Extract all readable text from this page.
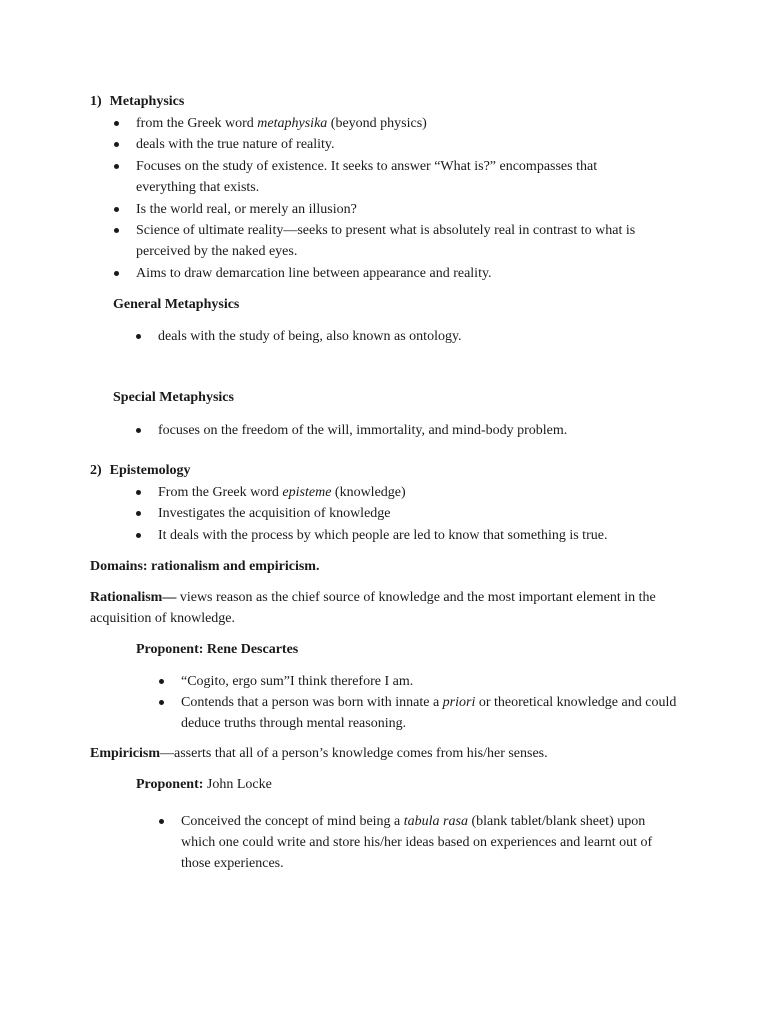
1) Metaphysics
from the Greek word metaphysika (beyond physics)
deals with the true nature of reality.
Focuses on the study of existence. It seeks to answer “What is?” encompasses that everything that exists.
Is the world real, or merely an illusion?
Science of ultimate reality—seeks to present what is absolutely real in contrast to what is perceived by the naked eyes.
Aims to draw demarcation line between appearance and reality.
General Metaphysics
deals with the study of being, also known as ontology.
Special Metaphysics
focuses on the freedom of the will, immortality, and mind-body problem.
2) Epistemology
From the Greek word episteme (knowledge)
Investigates the acquisition of knowledge
It deals with the process by which people are led to know that something is true.
Domains: rationalism and empiricism.
Rationalism— views reason as the chief source of knowledge and the most important element in the acquisition of knowledge.
Proponent: Rene Descartes
“Cogito, ergo sum”I think therefore I am.
Contends that a person was born with innate a priori or theoretical knowledge and could deduce truths through mental reasoning.
Empiricism—asserts that all of a person’s knowledge comes from his/her senses.
Proponent: John Locke
Conceived the concept of mind being a tabula rasa (blank tablet/blank sheet) upon which one could write and store his/her ideas based on experiences and learnt out of those experiences.
